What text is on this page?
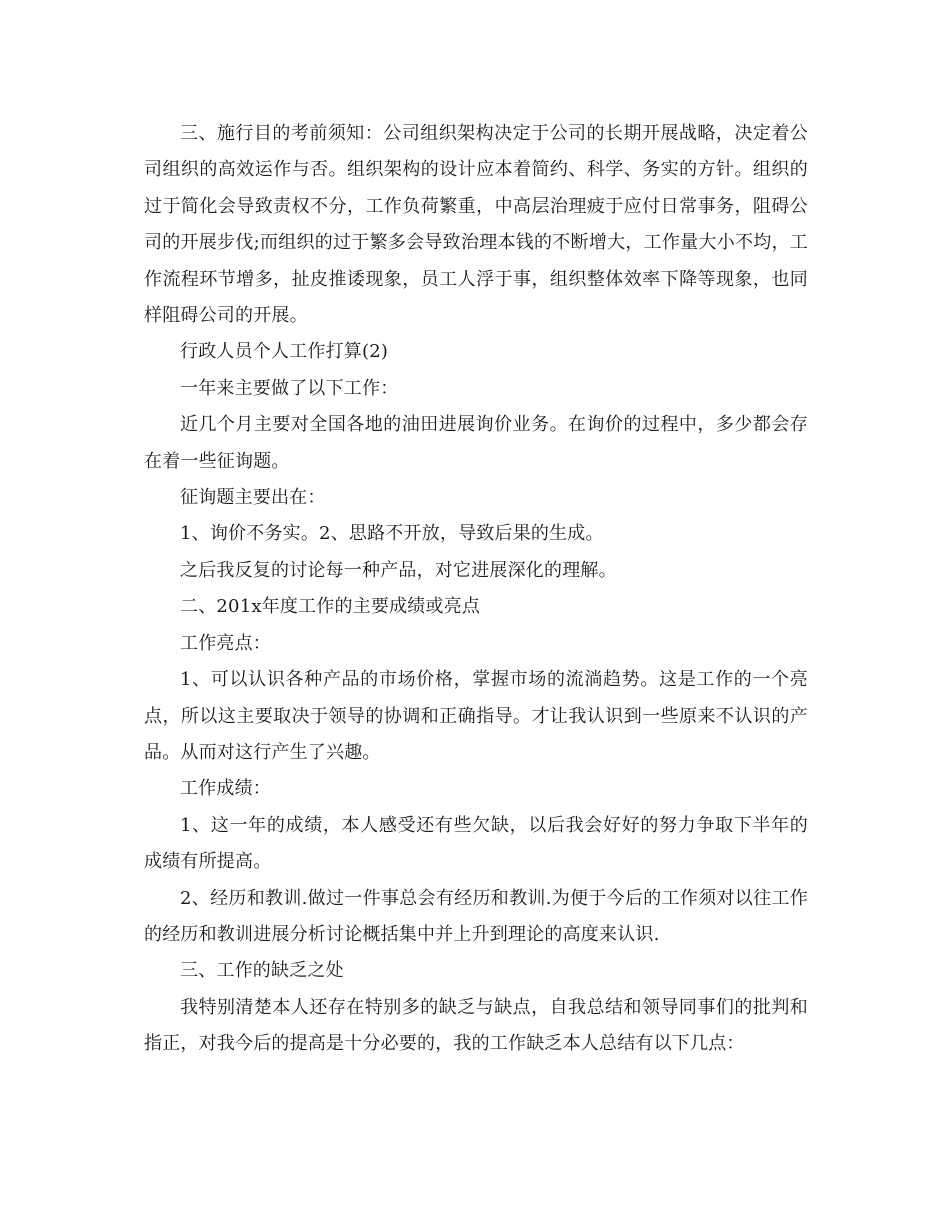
三、施行目的考前须知：公司组织架构决定于公司的长期开展战略，决定着公司组织的高效运作与否。组织架构的设计应本着简约、科学、务实的方针。组织的过于简化会导致责权不分，工作负荷繁重，中高层治理疲于应付日常事务，阻碍公司的开展步伐;而组织的过于繁多会导致治理本钱的不断增大，工作量大小不均，工作流程环节增多，扯皮推诿现象，员工人浮于事，组织整体效率下降等现象，也同样阻碍公司的开展。

行政人员个人工作打算(2)

一年来主要做了以下工作：

近几个月主要对全国各地的油田进展询价业务。在询价的过程中，多少都会存在着一些征询题。

征询题主要出在：

1、询价不务实。2、思路不开放，导致后果的生成。

之后我反复的讨论每一种产品，对它进展深化的理解。

二、201x年度工作的主要成绩或亮点

工作亮点：

1、可以认识各种产品的市场价格，掌握市场的流淌趋势。这是工作的一个亮点，所以这主要取决于领导的协调和正确指导。才让我认识到一些原来不认识的产品。从而对这行产生了兴趣。

工作成绩：

1、这一年的成绩，本人感受还有些欠缺，以后我会好好的努力争取下半年的成绩有所提高。

2、经历和教训.做过一件事总会有经历和教训.为便于今后的工作须对以往工作的经历和教训进展分析讨论概括集中并上升到理论的高度来认识.

三、工作的缺乏之处

我特别清楚本人还存在特别多的缺乏与缺点，自我总结和领导同事们的批判和指正，对我今后的提高是十分必要的，我的工作缺乏本人总结有以下几点：
